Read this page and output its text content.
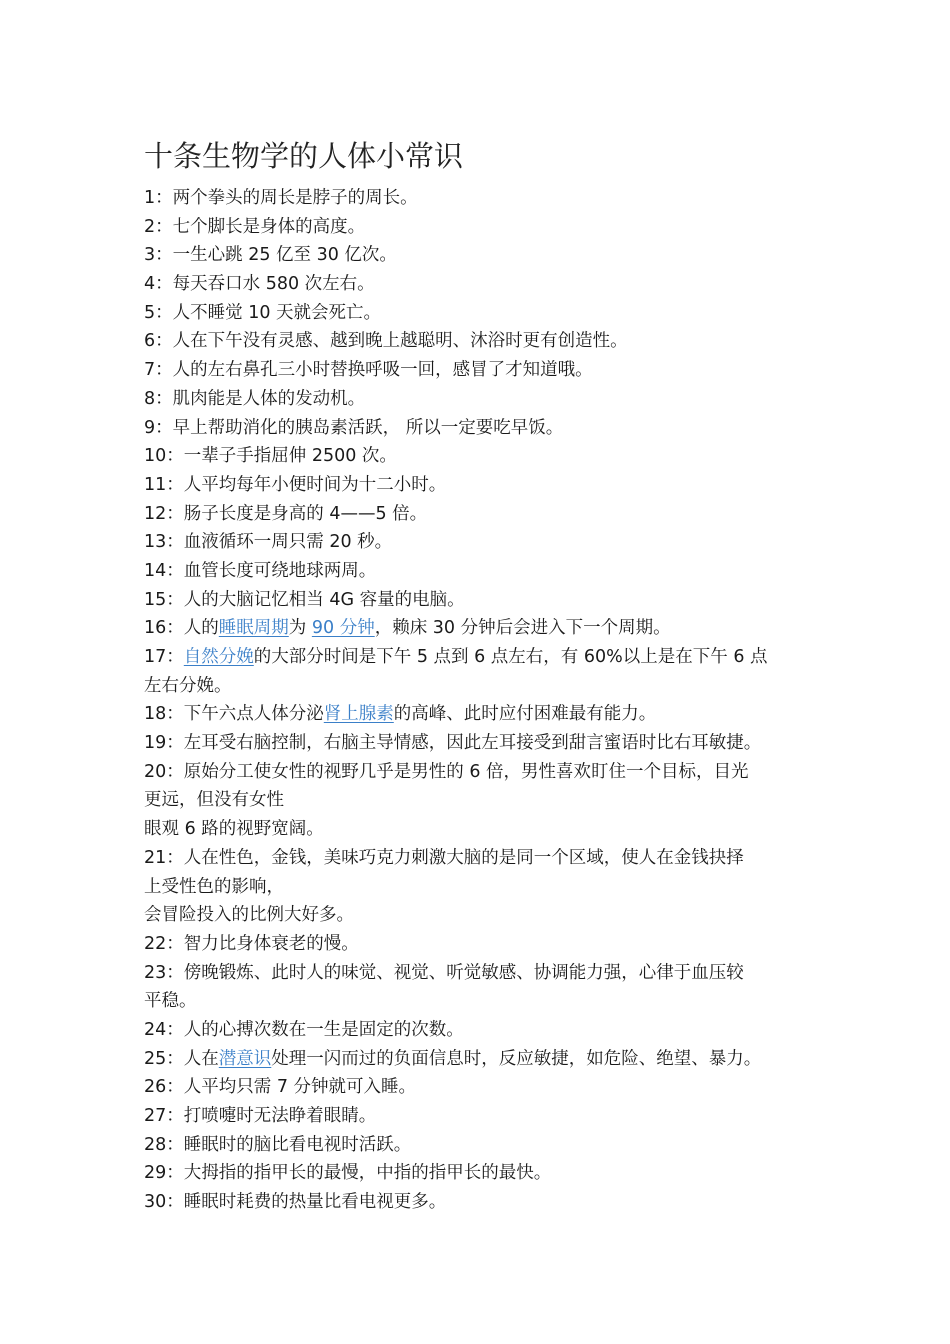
十条生物学的人体小常识
1：两个拳头的周长是脖子的周长。
2：七个脚长是身体的高度。
3：一生心跳 25 亿至 30 亿次。
4：每天吞口水 580 次左右。
5：人不睡觉 10 天就会死亡。
6：人在下午没有灵感、越到晚上越聪明、沐浴时更有创造性。
7：人的左右鼻孔三小时替换呼吸一回，感冒了才知道哦。
8：肌肉能是人体的发动机。
9：早上帮助消化的胰岛素活跃， 所以一定要吃早饭。
10：一辈子手指屈伸 2500 次。
11：人平均每年小便时间为十二小时。
12：肠子长度是身高的 4——5 倍。
13：血液循环一周只需 20 秒。
14：血管长度可绕地球两周。
15：人的大脑记忆相当 4G 容量的电脑。
16：人的睡眠周期为 90 分钟，赖床 30 分钟后会进入下一个周期。
17：自然分娩的大部分时间是下午 5 点到 6 点左右，有 60%以上是在下午 6 点
左右分娩。
18：下午六点人体分泌肾上腺素的高峰、此时应付困难最有能力。
19：左耳受右脑控制，右脑主导情感，因此左耳接受到甜言蜜语时比右耳敏捷。
20：原始分工使女性的视野几乎是男性的 6 倍，男性喜欢盯住一个目标，目光
更远，但没有女性
眼观 6 路的视野宽阔。
21：人在性色，金钱，美味巧克力刺激大脑的是同一个区域，使人在金钱抉择
上受性色的影响，
会冒险投入的比例大好多。
22：智力比身体衰老的慢。
23：傍晚锻炼、此时人的味觉、视觉、听觉敏感、协调能力强，心律于血压较
平稳。
24：人的心搏次数在一生是固定的次数。
25：人在潜意识处理一闪而过的负面信息时，反应敏捷，如危险、绝望、暴力。
26：人平均只需 7 分钟就可入睡。
27：打喷嚏时无法睁着眼睛。
28：睡眠时的脑比看电视时活跃。
29：大拇指的指甲长的最慢，中指的指甲长的最快。
30：睡眠时耗费的热量比看电视更多。
